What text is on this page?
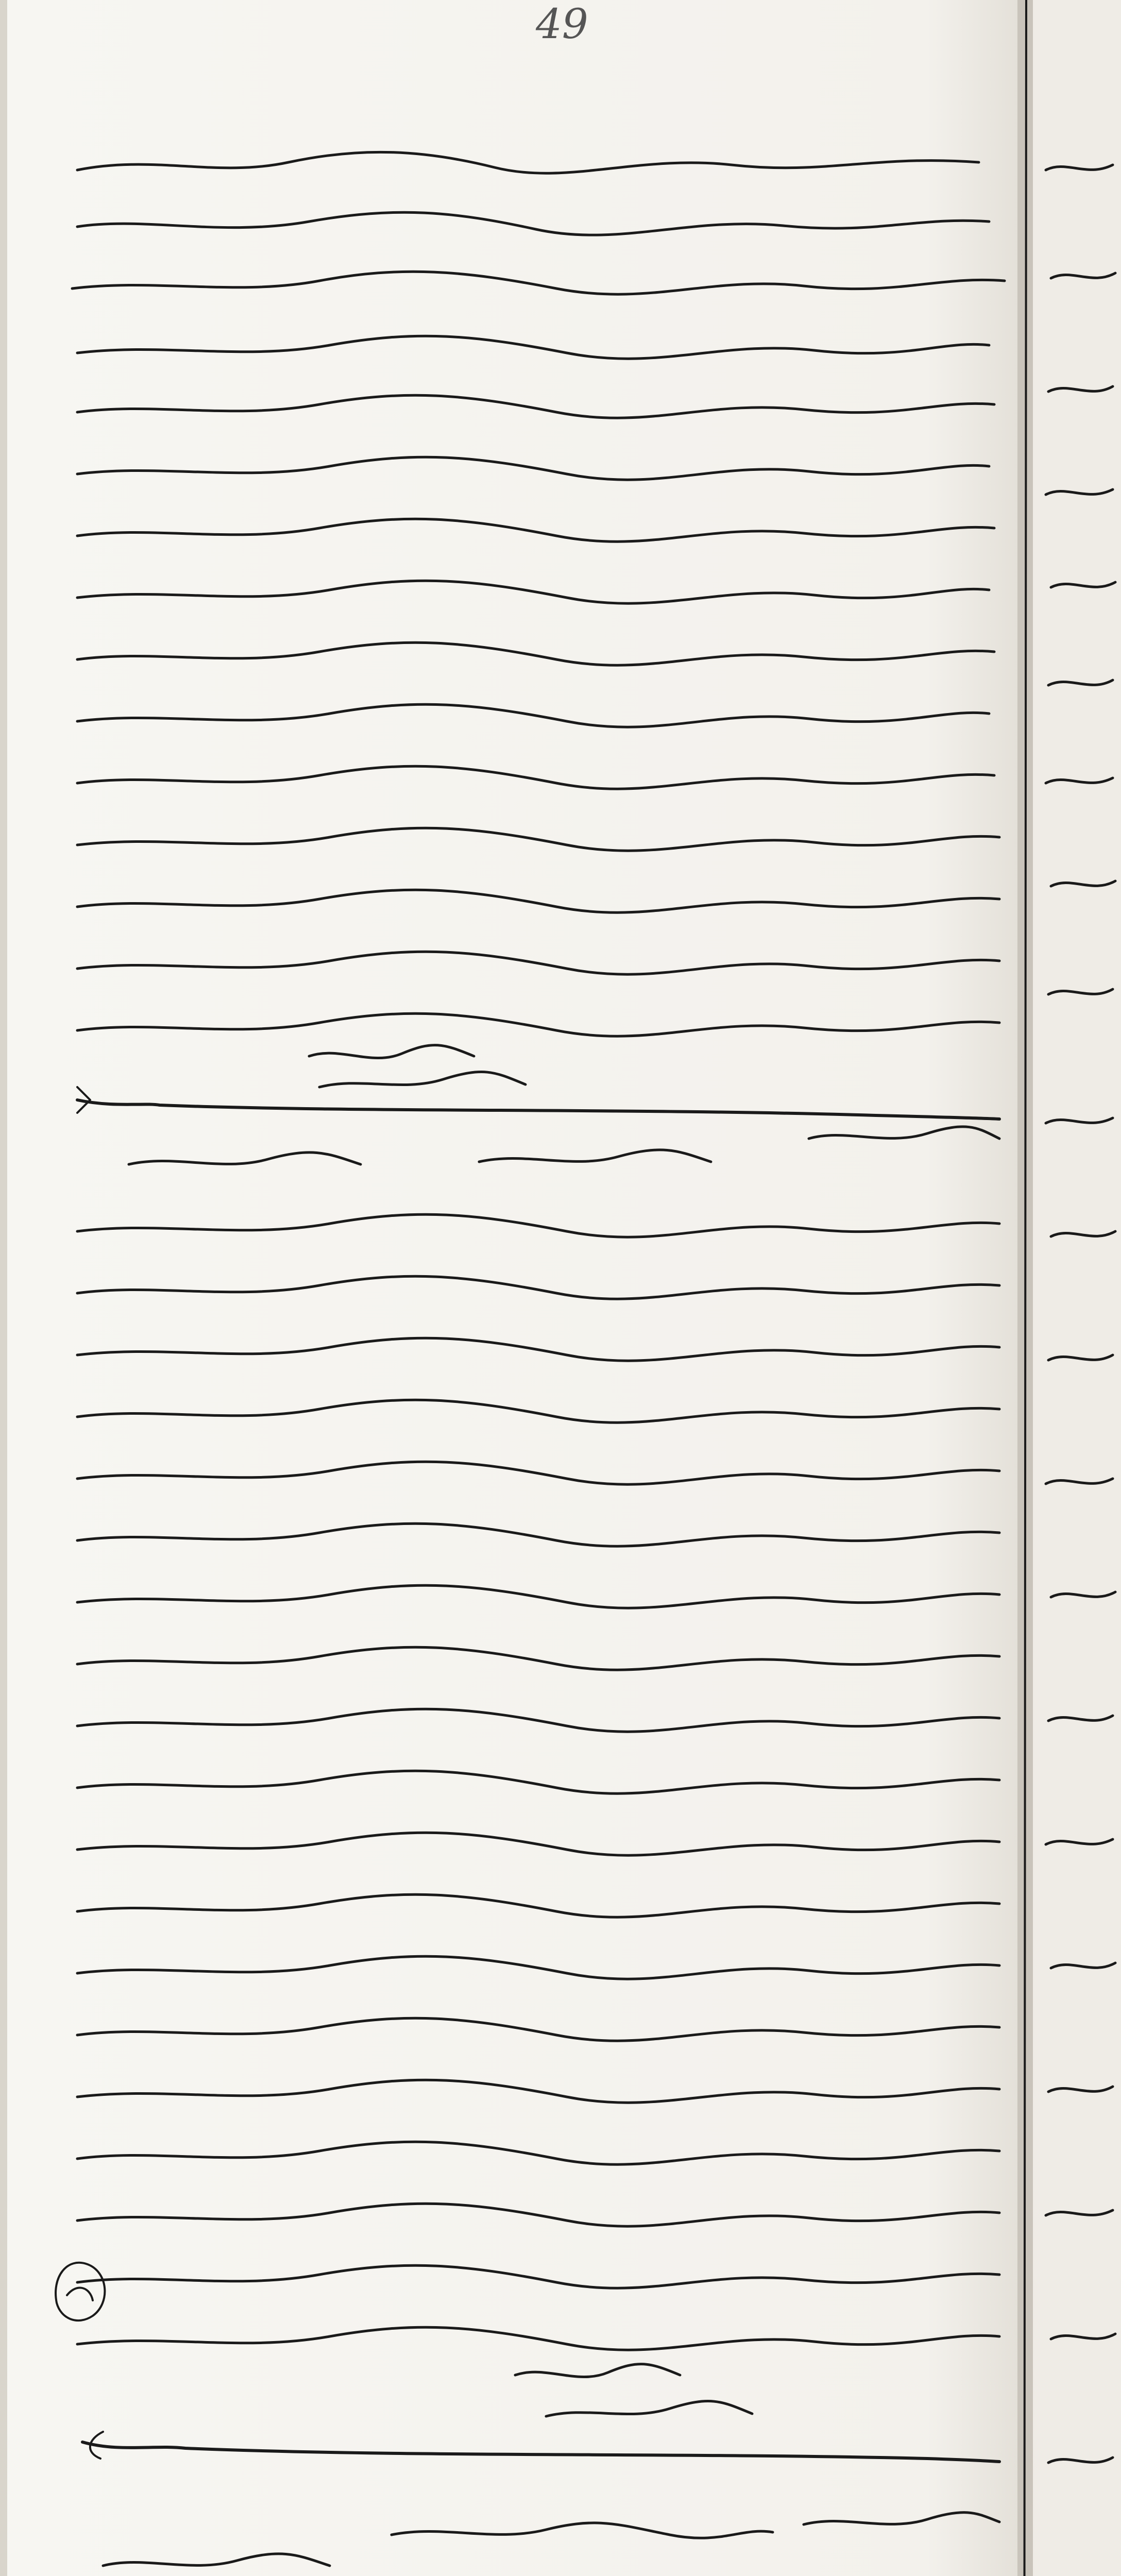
49
